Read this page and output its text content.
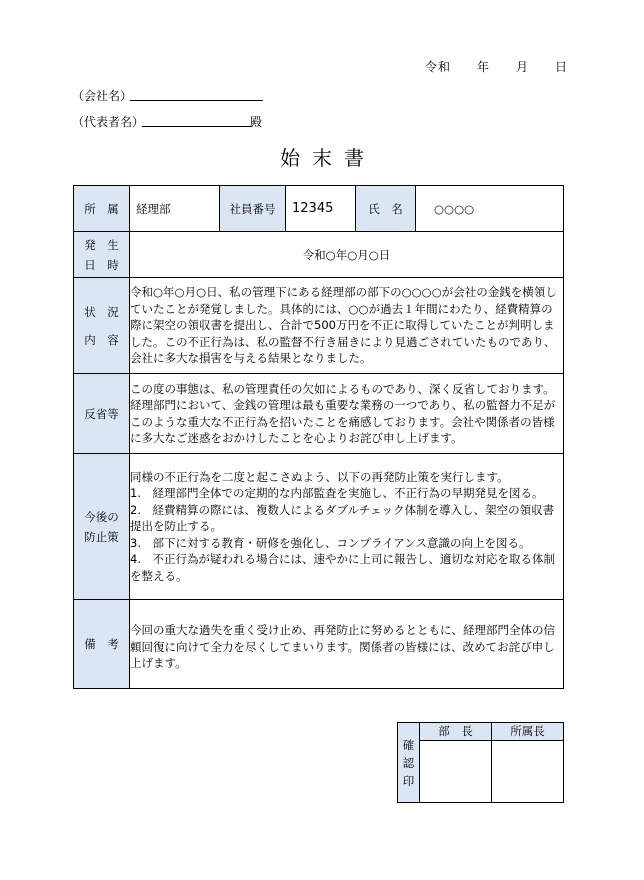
令和　　年　　月　　日
（会社名）
（代表者名）	殿
始末書
所　属	経理部	社員番号	12345	氏　名	○○○○

発　生
日　時	令和○年○月○日				

状　況
内　容	令和○年○月○日、私の管理下にある経理部の部下の○○○○が会社の金銭を横領していたことが発覚しました。具体的には、○○が過去１年間にわたり、経費精算の際に架空の領収書を提出し、合計で500万円を不正に取得していたことが判明しました。この不正行為は、私の監督不行き届きにより見過ごされていたものであり、会社に多大な損害を与える結果となりました。				
反省等	この度の事態は、私の管理責任の欠如によるものであり、深く反省しております。経理部門において、金銭の管理は最も重要な業務の一つであり、私の監督力不足がこのような重大な不正行為を招いたことを痛感しております。会社や関係者の皆様に多大なご迷惑をおかけしたことを心よりお詫び申し上げます。				

今後の
防止策	同様の不正行為を二度と起こさぬよう、以下の再発防止策を実行します。
1.　経理部門全体での定期的な内部監査を実施し、不正行為の早期発見を図る。
2.　経費精算の際には、複数人によるダブルチェック体制を導入し、架空の領収書提出を防止する。
3.　部下に対する教育・研修を強化し、コンプライアンス意識の向上を図る。
4.　不正行為が疑われる場合には、速やかに上司に報告し、適切な対応を取る体制を整える。				

備　考	今回の重大な過失を重く受け止め、再発防止に努めるとともに、経理部門全体の信頼回復に向けて全力を尽くしてまいります。関係者の皆様には、改めてお詫び申し上げます。				
確
認
印	部　長	所属長
